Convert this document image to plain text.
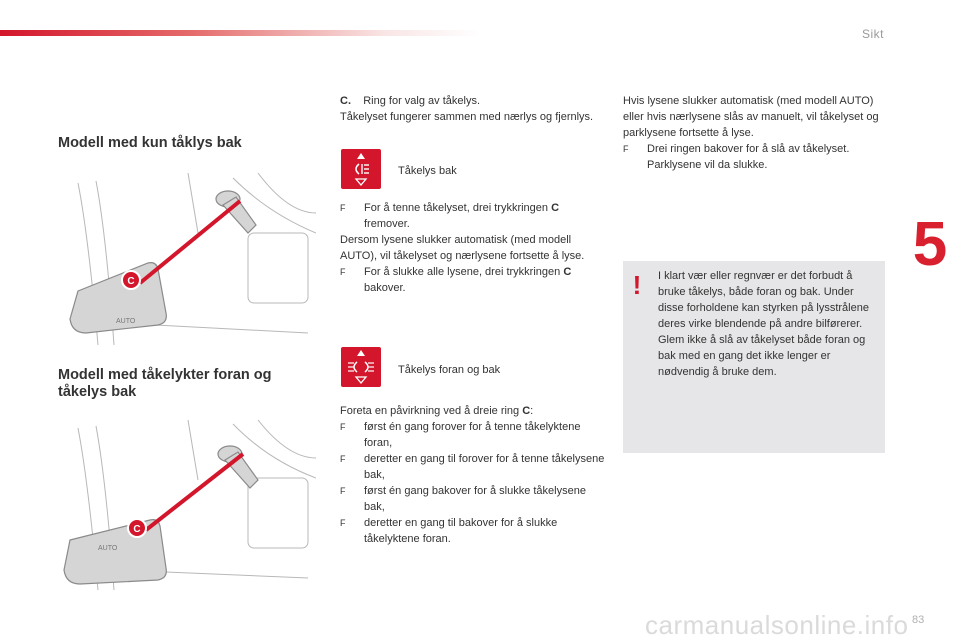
Sikt
5
83
Modell med kun tåklys bak
AUTO
C
Modell med tåkelykter foran og tåkelys bak
AUTO
C

C. Ring for valg av tåkelys.

Tåkelyset fungerer sammen med nærlys og fjernlys.

Tåkelys bak

F For å tenne tåkelyset, drei trykkringen C fremover.

Dersom lysene slukker automatisk (med modell AUTO), vil tåkelyset og nærlysene fortsette å lyse.

F For å slukke alle lysene, drei trykkringen C bakover.

Tåkelys foran og bak

Foreta en påvirkning ved å dreie ring C:

F først én gang forover for å tenne tåkelyktene foran,

F deretter en gang til forover for å tenne tåkelysene bak,

F først én gang bakover for å slukke tåkelysene bak,

F deretter en gang til bakover for å slukke tåkelyktene foran.

Hvis lysene slukker automatisk (med modell AUTO) eller hvis nærlysene slås av manuelt, vil tåkelyset og parklysene fortsette å lyse.

F Drei ringen bakover for å slå av tåkelyset. Parklysene vil da slukke.

! I klart vær eller regnvær er det forbudt å bruke tåkelys, både foran og bak. Under disse forholdene kan styrken på lysstrålene deres virke blendende på andre bilførerer.

Glem ikke å slå av tåkelyset både foran og bak med en gang det ikke lenger er nødvendig å bruke dem.

carmanualsonline.info
